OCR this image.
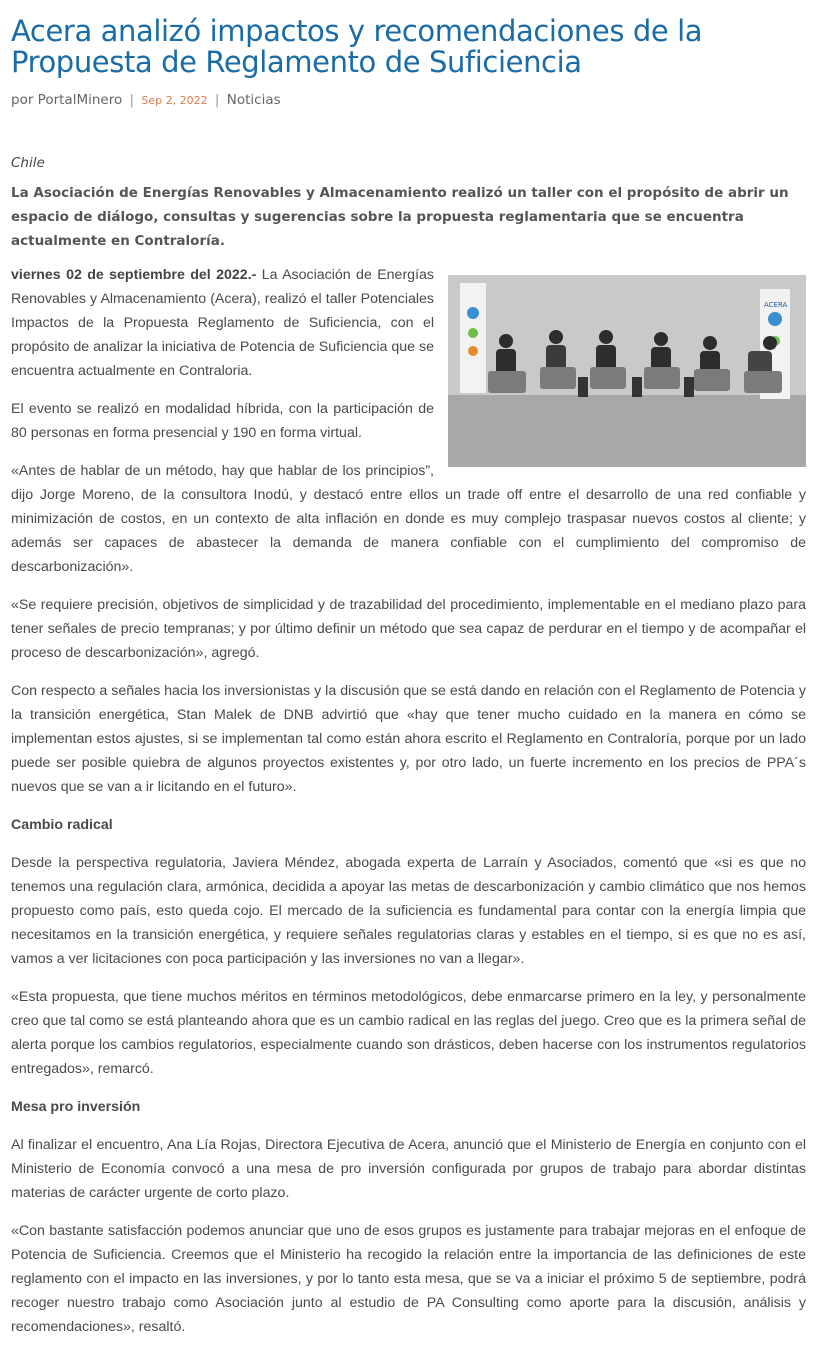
Acera analizó impactos y recomendaciones de la Propuesta de Reglamento de Suficiencia
por PortalMinero | Sep 2, 2022 | Noticias
Chile
La Asociación de Energías Renovables y Almacenamiento realizó un taller con el propósito de abrir un espacio de diálogo, consultas y sugerencias sobre la propuesta reglamentaria que se encuentra actualmente en Contraloría.
ACERA

viernes 02 de septiembre del 2022.- La Asociación de Energías Renovables y Almacenamiento (Acera), realizó el taller Potenciales Impactos de la Propuesta Reglamento de Suficiencia, con el propósito de analizar la iniciativa de Potencia de Suficiencia que se encuentra actualmente en Contraloria.

El evento se realizó en modalidad híbrida, con la participación de 80 personas en forma presencial y 190 en forma virtual.

«Antes de hablar de un método, hay que hablar de los principios”, dijo Jorge Moreno, de la consultora Inodú, y destacó entre ellos un trade off entre el desarrollo de una red confiable y minimización de costos, en un contexto de alta inflación en donde es muy complejo traspasar nuevos costos al cliente; y además ser capaces de abastecer la demanda de manera confiable con el cumplimiento del compromiso de descarbonización».

«Se requiere precisión, objetivos de simplicidad y de trazabilidad del procedimiento, implementable en el mediano plazo para tener señales de precio tempranas; y por último definir un método que sea capaz de perdurar en el tiempo y de acompañar el proceso de descarbonización», agregó.

Con respecto a señales hacia los inversionistas y la discusión que se está dando en relación con el Reglamento de Potencia y la transición energética, Stan Malek de DNB advirtió que «hay que tener mucho cuidado en la manera en cómo se implementan estos ajustes, si se implementan tal como están ahora escrito el Reglamento en Contraloría, porque por un lado puede ser posible quiebra de algunos proyectos existentes y, por otro lado, un fuerte incremento en los precios de PPA´s nuevos que se van a ir licitando en el futuro».

Cambio radical

Desde la perspectiva regulatoria, Javiera Méndez, abogada experta de Larraín y Asociados, comentó que «si es que no tenemos una regulación clara, armónica, decidida a apoyar las metas de descarbonización y cambio climático que nos hemos propuesto como país, esto queda cojo. El mercado de la suficiencia es fundamental para contar con la energía limpia que necesitamos en la transición energética, y requiere señales regulatorias claras y estables en el tiempo, si es que no es así, vamos a ver licitaciones con poca participación y las inversiones no van a llegar».

«Esta propuesta, que tiene muchos méritos en términos metodológicos, debe enmarcarse primero en la ley, y personalmente creo que tal como se está planteando ahora que es un cambio radical en las reglas del juego. Creo que es la primera señal de alerta porque los cambios regulatorios, especialmente cuando son drásticos, deben hacerse con los instrumentos regulatorios entregados», remarcó.

Mesa pro inversión

Al finalizar el encuentro, Ana Lía Rojas, Directora Ejecutiva de Acera, anunció que el Ministerio de Energía en conjunto con el Ministerio de Economía convocó a una mesa de pro inversión configurada por grupos de trabajo para abordar distintas materias de carácter urgente de corto plazo.

«Con bastante satisfacción podemos anunciar que uno de esos grupos es justamente para trabajar mejoras en el enfoque de Potencia de Suficiencia. Creemos que el Ministerio ha recogido la relación entre la importancia de las definiciones de este reglamento con el impacto en las inversiones, y por lo tanto esta mesa, que se va a iniciar el próximo 5 de septiembre, podrá recoger nuestro trabajo como Asociación junto al estudio de PA Consulting como aporte para la discusión, análisis y recomendaciones», resaltó.
